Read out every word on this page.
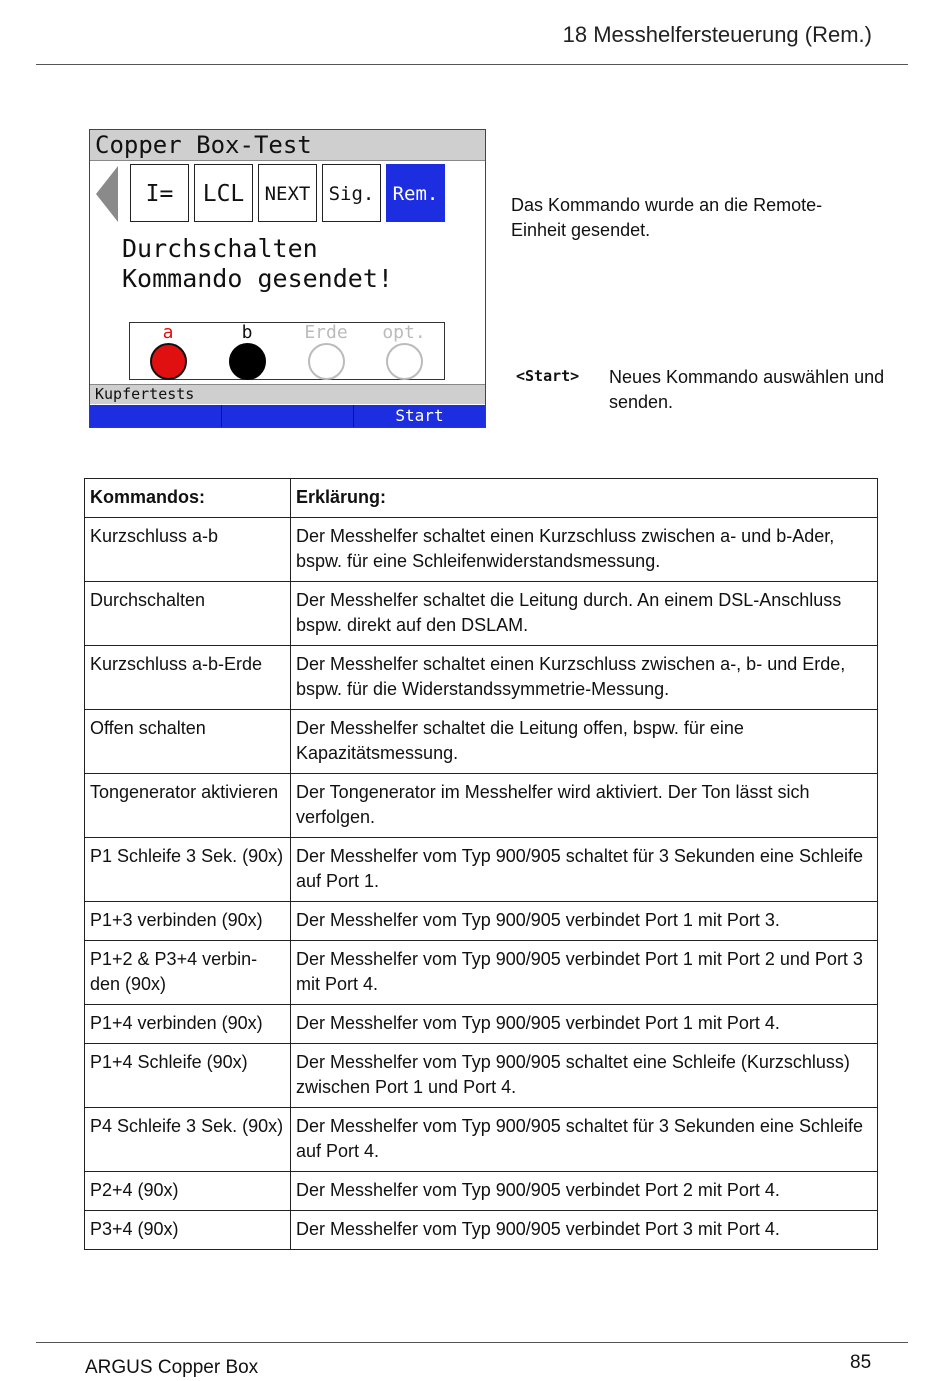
18 Messhelfersteuerung (Rem.)
Copper Box-Test
I=	LCL	NEXT Sig. Rem.
Durchschalten
Kommando gesendet!
a	b	Erde opt.
Kupfertests
Start
Das Kommando wurde an die Remote-Einheit gesendet.
<Start> Neues Kommando auswählen und senden.
Kommandos:	Erklärung:
Kurzschluss a-b	Der Messhelfer schaltet einen Kurzschluss zwischen a- und b-Ader, bspw. für eine Schleifenwiderstandsmessung.
Durchschalten	Der Messhelfer schaltet die Leitung durch. An einem DSL-Anschluss bspw. direkt auf den DSLAM.
Kurzschluss a-b-Erde	Der Messhelfer schaltet einen Kurzschluss zwischen a-, b- und Erde, bspw. für die Widerstandssymmetrie-Messung.
Offen schalten	Der Messhelfer schaltet die Leitung offen, bspw. für eine Kapazitätsmessung.
Tongenerator aktivieren	Der Tongenerator im Messhelfer wird aktiviert. Der Ton lässt sich verfolgen.
P1 Schleife 3 Sek. (90x)	Der Messhelfer vom Typ 900/905 schaltet für 3 Sekunden eine Schleife auf Port 1.
P1+3 verbinden (90x)	Der Messhelfer vom Typ 900/905 verbindet Port 1 mit Port 3.
P1+2 & P3+4 verbin-den (90x)	Der Messhelfer vom Typ 900/905 verbindet Port 1 mit Port 2 und Port 3 mit Port 4.
P1+4 verbinden (90x)	Der Messhelfer vom Typ 900/905 verbindet Port 1 mit Port 4.
P1+4 Schleife (90x)	Der Messhelfer vom Typ 900/905 schaltet eine Schleife (Kurzschluss) zwischen Port 1 und Port 4.
P4 Schleife 3 Sek. (90x)	Der Messhelfer vom Typ 900/905 schaltet für 3 Sekunden eine Schleife auf Port 4.
P2+4 (90x)	Der Messhelfer vom Typ 900/905 verbindet Port 2 mit Port 4.
P3+4 (90x)	Der Messhelfer vom Typ 900/905 verbindet Port 3 mit Port 4.
ARGUS Copper Box	85
